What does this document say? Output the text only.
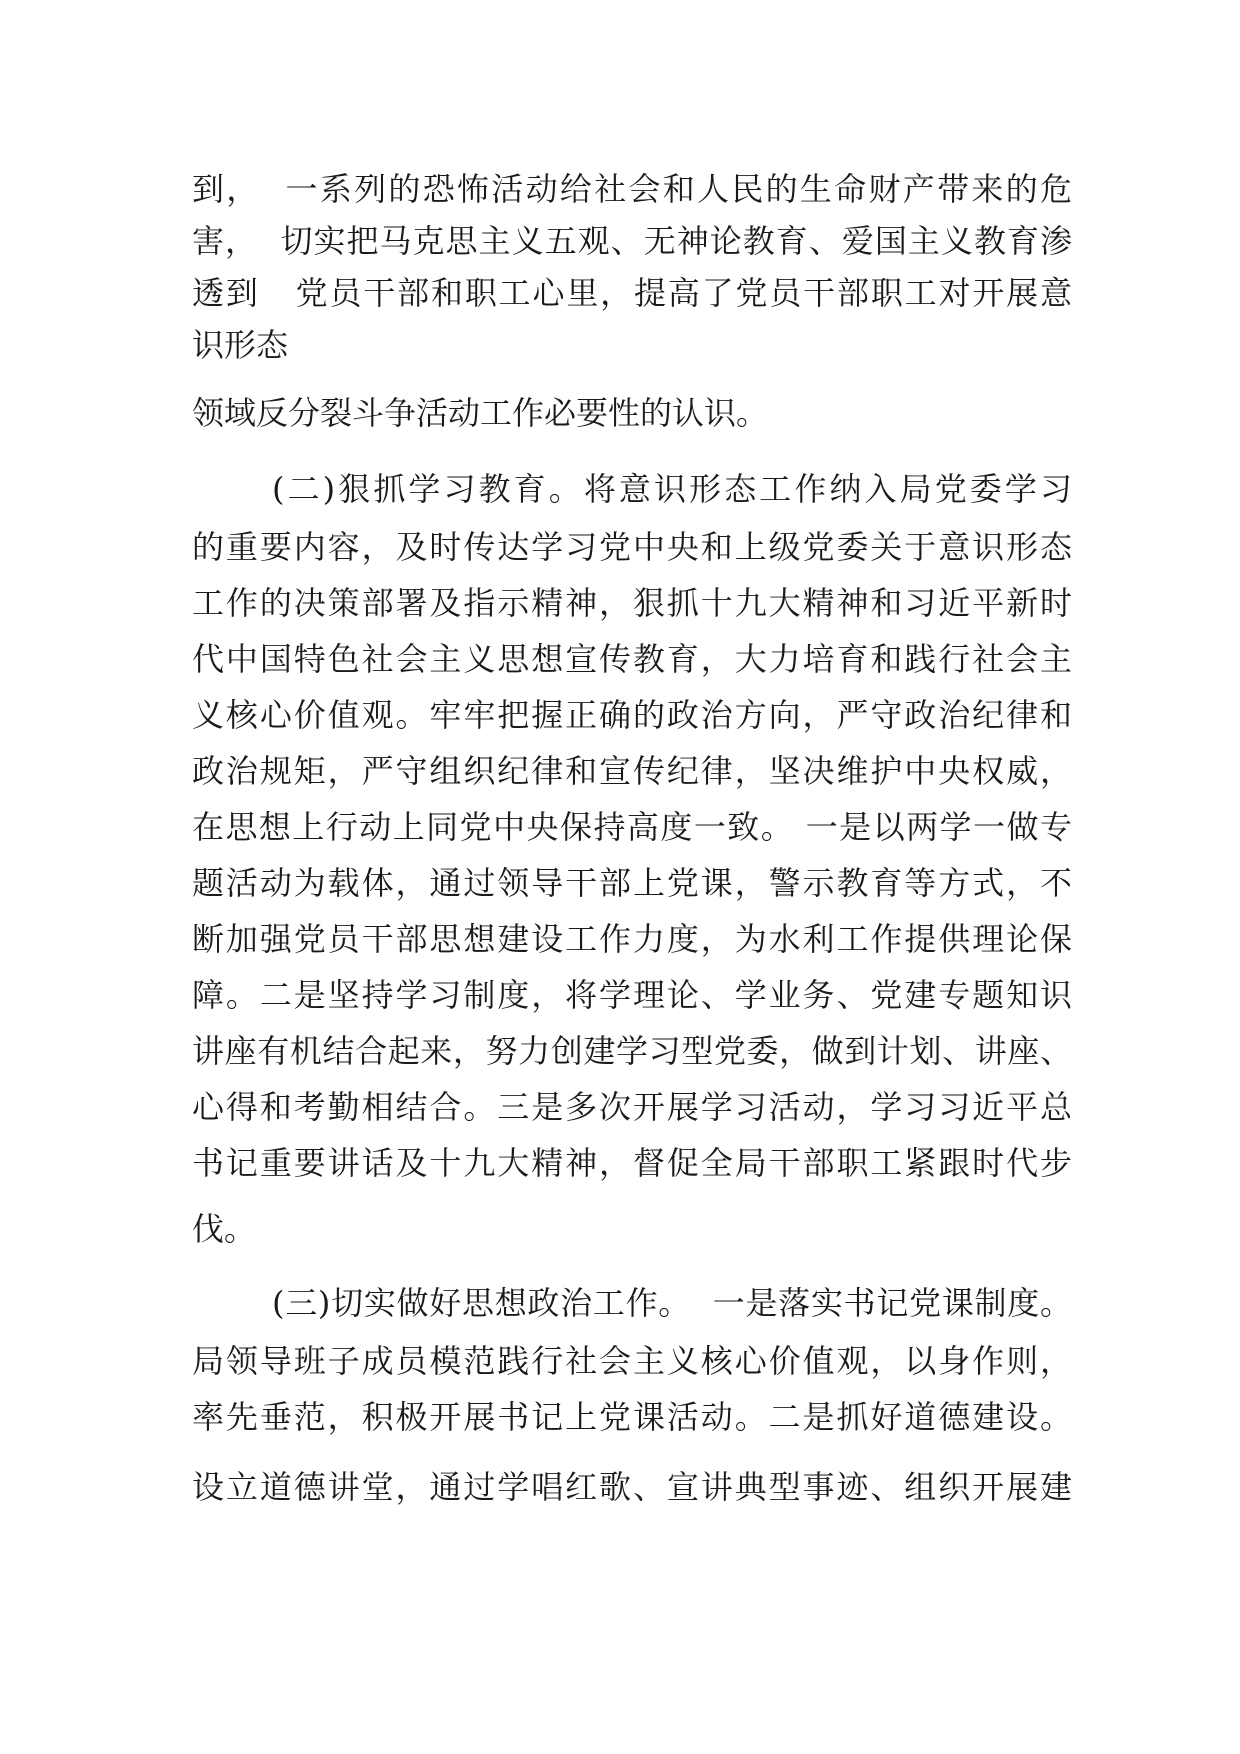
到，  一系列的恐怖活动给社会和人民的生命财产带来的危
害，  切实把马克思主义五观、无神论教育、爱国主义教育渗
透到   党员干部和职工心里，提高了党员干部职工对开展意
识形态
领域反分裂斗争活动工作必要性的认识。
(二)狠抓学习教育。将意识形态工作纳入局党委学习
的重要内容，及时传达学习党中央和上级党委关于意识形态
工作的决策部署及指示精神，狠抓十九大精神和习近平新时
代中国特色社会主义思想宣传教育，大力培育和践行社会主
义核心价值观。牢牢把握正确的政治方向，严守政治纪律和
政治规矩，严守组织纪律和宣传纪律，坚决维护中央权威，
在思想上行动上同党中央保持高度一致。 一是以两学一做专
题活动为载体，通过领导干部上党课，警示教育等方式，不
断加强党员干部思想建设工作力度，为水利工作提供理论保
障。二是坚持学习制度，将学理论、学业务、党建专题知识
讲座有机结合起来，努力创建学习型党委，做到计划、讲座、
心得和考勤相结合。三是多次开展学习活动，学习习近平总
书记重要讲话及十九大精神，督促全局干部职工紧跟时代步
伐。
(三)切实做好思想政治工作。  一是落实书记党课制度。
局领导班子成员模范践行社会主义核心价值观，以身作则，
率先垂范，积极开展书记上党课活动。二是抓好道德建设。
设立道德讲堂，通过学唱红歌、宣讲典型事迹、组织开展建
